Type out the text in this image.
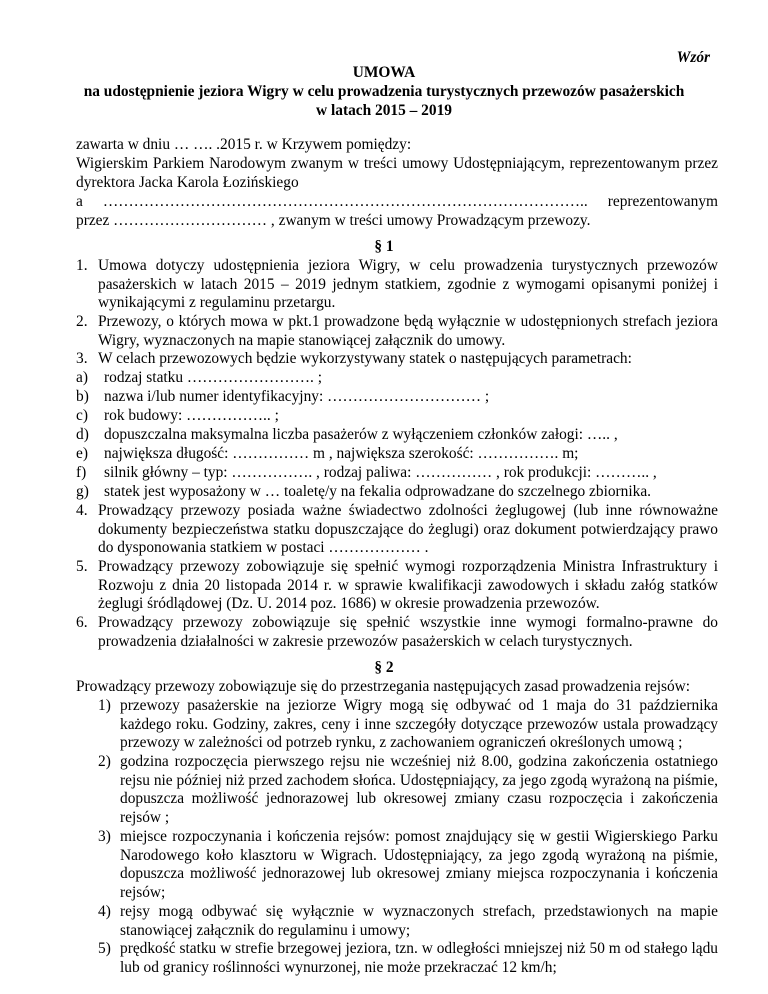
Wzór
UMOWA
na udostępnienie jeziora Wigry w celu prowadzenia turystycznych przewozów pasażerskich
w latach 2015 – 2019
zawarta w dniu … …. .2015 r. w Krzywem pomiędzy:
Wigierskim Parkiem Narodowym zwanym w treści umowy Udostępniającym, reprezentowanym przez dyrektora Jacka Karola Łozińskiego
a ………………………………………………………………………………….. reprezentowanym przez ………………………… , zwanym w treści umowy Prowadzącym przewozy.
§ 1
1. Umowa dotyczy udostępnienia jeziora Wigry, w celu prowadzenia turystycznych przewozów pasażerskich w latach 2015 – 2019 jednym statkiem, zgodnie z wymogami opisanymi poniżej i wynikającymi z regulaminu przetargu.
2. Przewozy, o których mowa w pkt.1 prowadzone będą wyłącznie w udostępnionych strefach jeziora Wigry, wyznaczonych na mapie stanowiącej załącznik do umowy.
3. W celach przewozowych będzie wykorzystywany statek o następujących parametrach:
a) rodzaj statku ……………………. ;
b) nazwa i/lub numer identyfikacyjny: ………………………… ;
c) rok budowy: …………….. ;
d) dopuszczalna maksymalna liczba pasażerów z wyłączeniem członków załogi: ….. ,
e) największa długość: …………… m , największa szerokość: ……………. m;
f) silnik główny – typ: ……………. , rodzaj paliwa: …………… , rok produkcji: ……….. ,
g) statek jest wyposażony w … toaletę/y na fekalia odprowadzane do szczelnego zbiornika.
4. Prowadzący przewozy posiada ważne świadectwo zdolności żeglugowej (lub inne równoważne dokumenty bezpieczeństwa statku dopuszczające do żeglugi) oraz dokument potwierdzający prawo do dysponowania statkiem w postaci ……………… .
5. Prowadzący przewozy zobowiązuje się spełnić wymogi rozporządzenia Ministra Infrastruktury i Rozwoju z dnia 20 listopada 2014 r. w sprawie kwalifikacji zawodowych i składu załóg statków żeglugi śródlądowej (Dz. U. 2014 poz. 1686) w okresie prowadzenia przewozów.
6. Prowadzący przewozy zobowiązuje się spełnić wszystkie inne wymogi formalno-prawne do prowadzenia działalności w zakresie przewozów pasażerskich w celach turystycznych.
§ 2
Prowadzący przewozy zobowiązuje się do przestrzegania następujących zasad prowadzenia rejsów:
1) przewozy pasażerskie na jeziorze Wigry mogą się odbywać od 1 maja do 31 października każdego roku. Godziny, zakres, ceny i inne szczegóły dotyczące przewozów ustala prowadzący przewozy w zależności od potrzeb rynku, z zachowaniem ograniczeń określonych umową ;
2) godzina rozpoczęcia pierwszego rejsu nie wcześniej niż 8.00, godzina zakończenia ostatniego rejsu nie później niż przed zachodem słońca. Udostępniający, za jego zgodą wyrażoną na piśmie, dopuszcza możliwość jednorazowej lub okresowej zmiany czasu rozpoczęcia i zakończenia rejsów ;
3) miejsce rozpoczynania i kończenia rejsów: pomost znajdujący się w gestii Wigierskiego Parku Narodowego koło klasztoru w Wigrach. Udostępniający, za jego zgodą wyrażoną na piśmie, dopuszcza możliwość jednorazowej lub okresowej zmiany miejsca rozpoczynania i kończenia rejsów;
4) rejsy mogą odbywać się wyłącznie w wyznaczonych strefach, przedstawionych na mapie stanowiącej załącznik do regulaminu i umowy;
5) prędkość statku w strefie brzegowej jeziora, tzn. w odległości mniejszej niż 50 m od stałego lądu lub od granicy roślinności wynurzonej, nie może przekraczać 12 km/h;
